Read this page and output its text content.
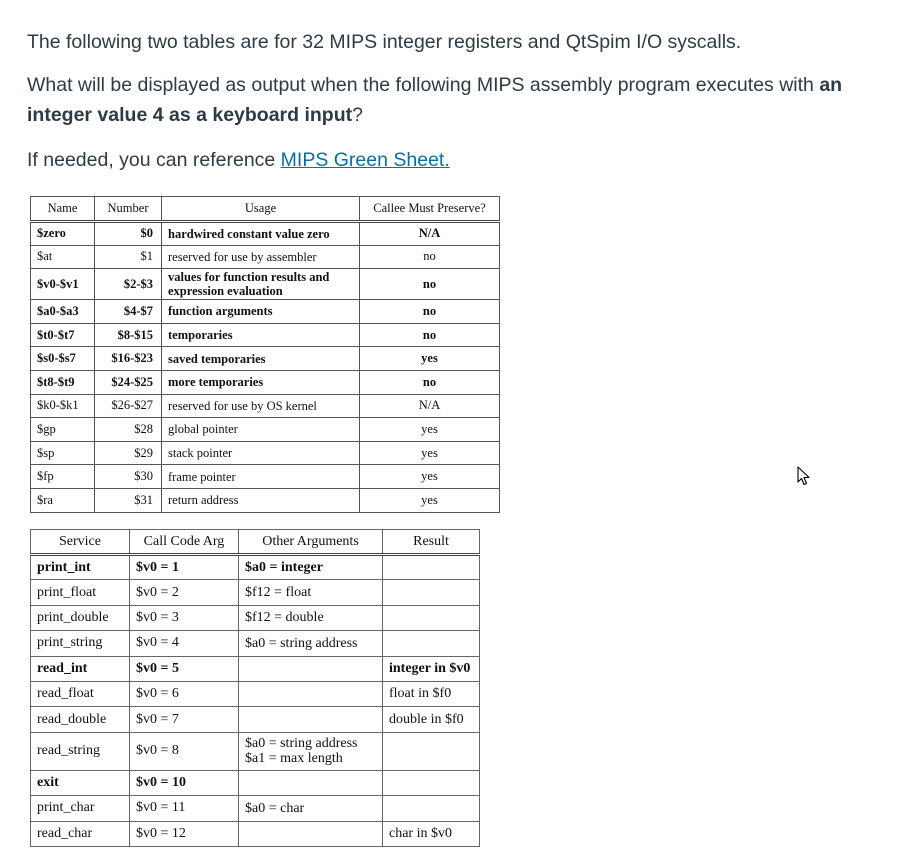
The following two tables are for 32 MIPS integer registers and QtSpim I/O syscalls.
What will be displayed as output when the following MIPS assembly program executes with an integer value 4 as a keyboard input?
If needed, you can reference MIPS Green Sheet.
Name	Number	Usage	Callee Must Preserve?
$zero	$0	hardwired constant value zero	N/A
$at	$1	reserved for use by assembler	no
$v0-$v1	$2-$3	values for function results and expression evaluation	no
$a0-$a3	$4-$7	function arguments	no
$t0-$t7	$8-$15	temporaries	no
$s0-$s7	$16-$23	saved temporaries	yes
$t8-$t9	$24-$25	more temporaries	no
$k0-$k1	$26-$27	reserved for use by OS kernel	N/A
$gp	$28	global pointer	yes
$sp	$29	stack pointer	yes
$fp	$30	frame pointer	yes
$ra	$31	return address	yes
Service	Call Code Arg	Other Arguments	Result
print_int	$v0 = 1	$a0 = integer	

print_float	$v0 = 2	$f12 = float	

print_double	$v0 = 3	$f12 = double	

print_string	$v0 = 4	$a0 = string address	

read_int	$v0 = 5		integer in $v0
read_float	$v0 = 6		float in $f0
read_double	$v0 = 7		double in $f0
read_string	$v0 = 8	$a0 = string address
$a1 = max length	

exit	$v0 = 10	

print_char	$v0 = 11	$a0 = char	

read_char	$v0 = 12		char in $v0
